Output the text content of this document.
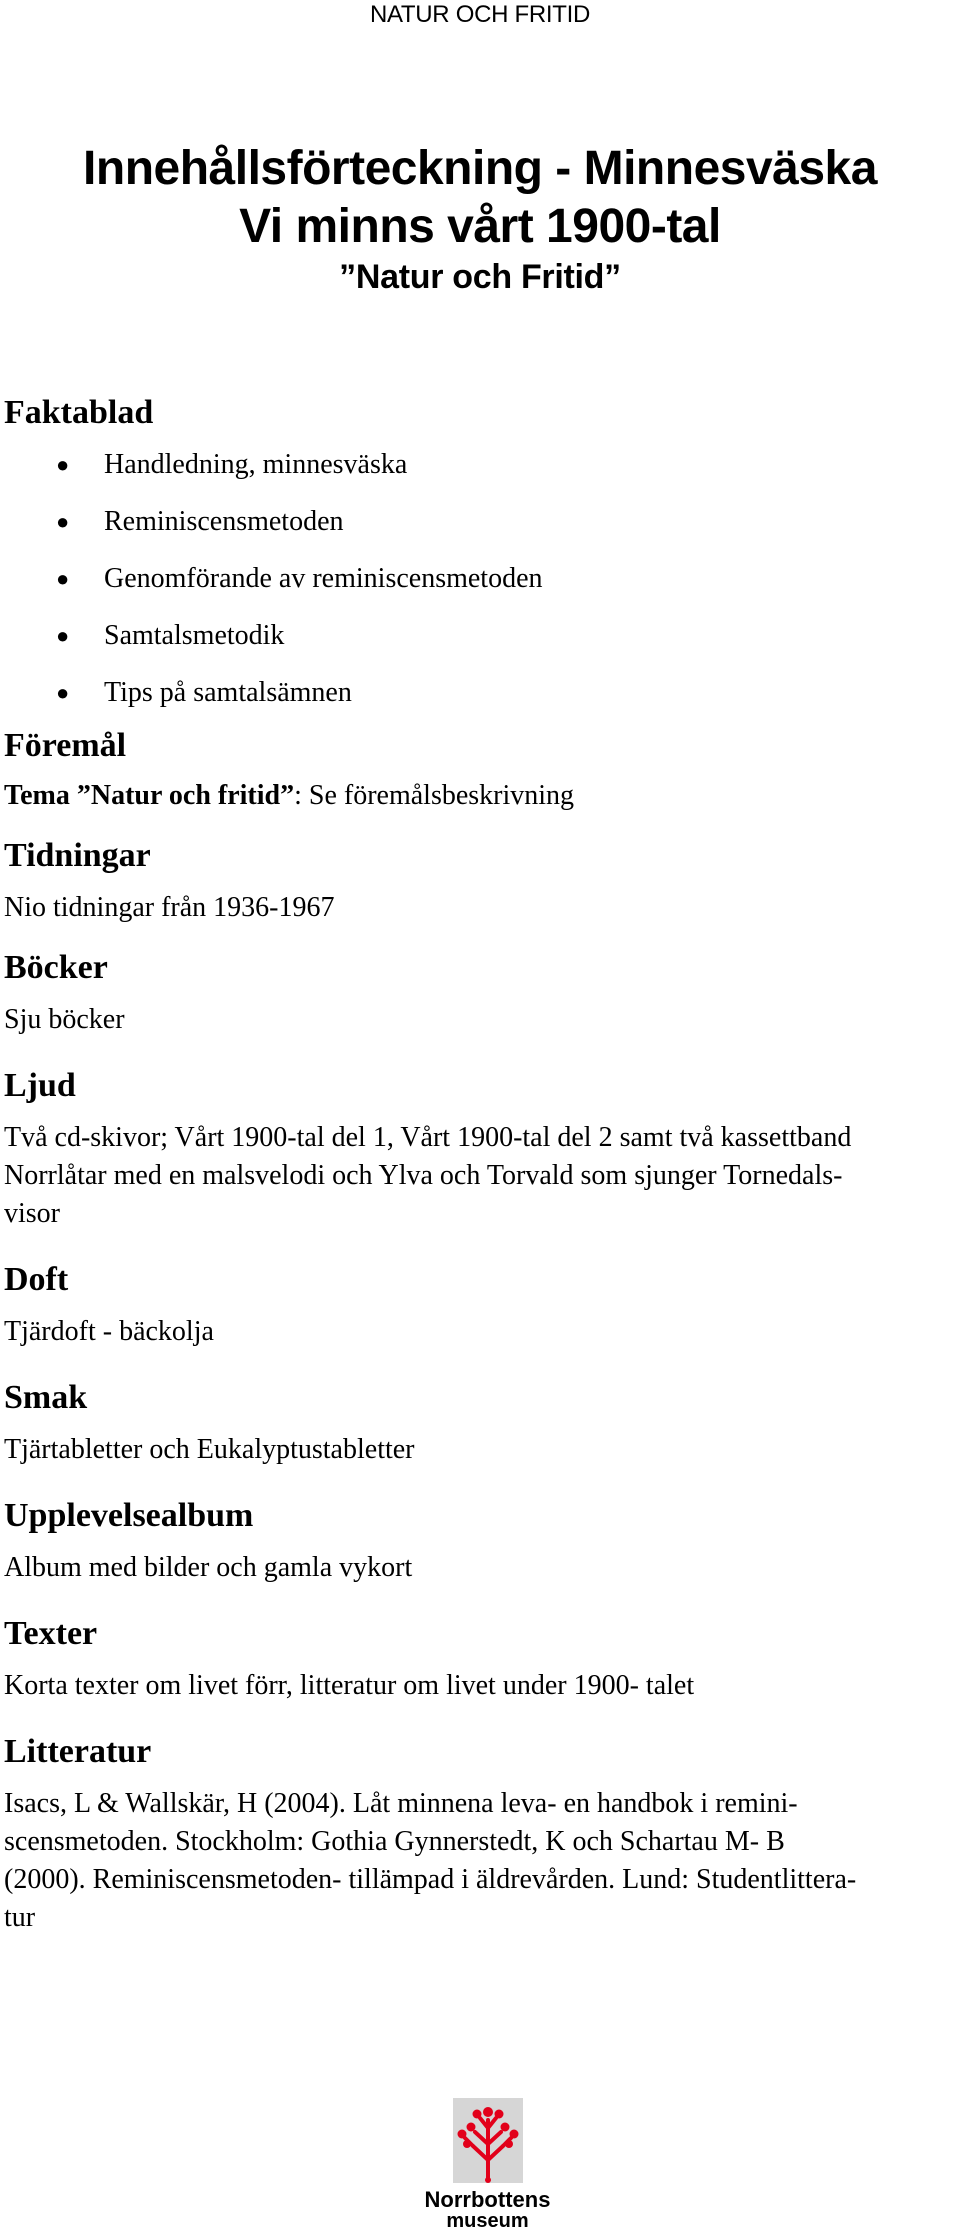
NATUR OCH FRITID
Innehållsförteckning - Minnesväska
Vi minns vårt 1900-tal
”Natur och Fritid”
Faktablad
● Handledning, minnesväska
● Reminiscensmetoden
● Genomförande av reminiscensmetoden
● Samtalsmetodik
● Tips på samtalsämnen
Föremål

Tema ”Natur och fritid”: Se föremålsbeskrivning

Tidningar

Nio tidningar från 1936-1967

Böcker

Sju böcker

Ljud

Två cd-skivor; Vårt 1900-tal del 1, Vårt 1900-tal del 2 samt två kassettband

Norrlåtar med en malsvelodi och Ylva och Torvald som sjunger Tornedals-

visor

Doft

Tjärdoft - bäckolja

Smak

Tjärtabletter och Eukalyptustabletter

Upplevelsealbum

Album med bilder och gamla vykort

Texter

Korta texter om livet förr, litteratur om livet under 1900- talet

Litteratur

Isacs, L & Wallskär, H (2004). Låt minnena leva- en handbok i remini-

scensmetoden. Stockholm: Gothia Gynnerstedt, K och Schartau M- B

(2000). Reminiscensmetoden- tillämpad i äldrevården. Lund: Studentlittera-

tur

Norrbottens
museum
